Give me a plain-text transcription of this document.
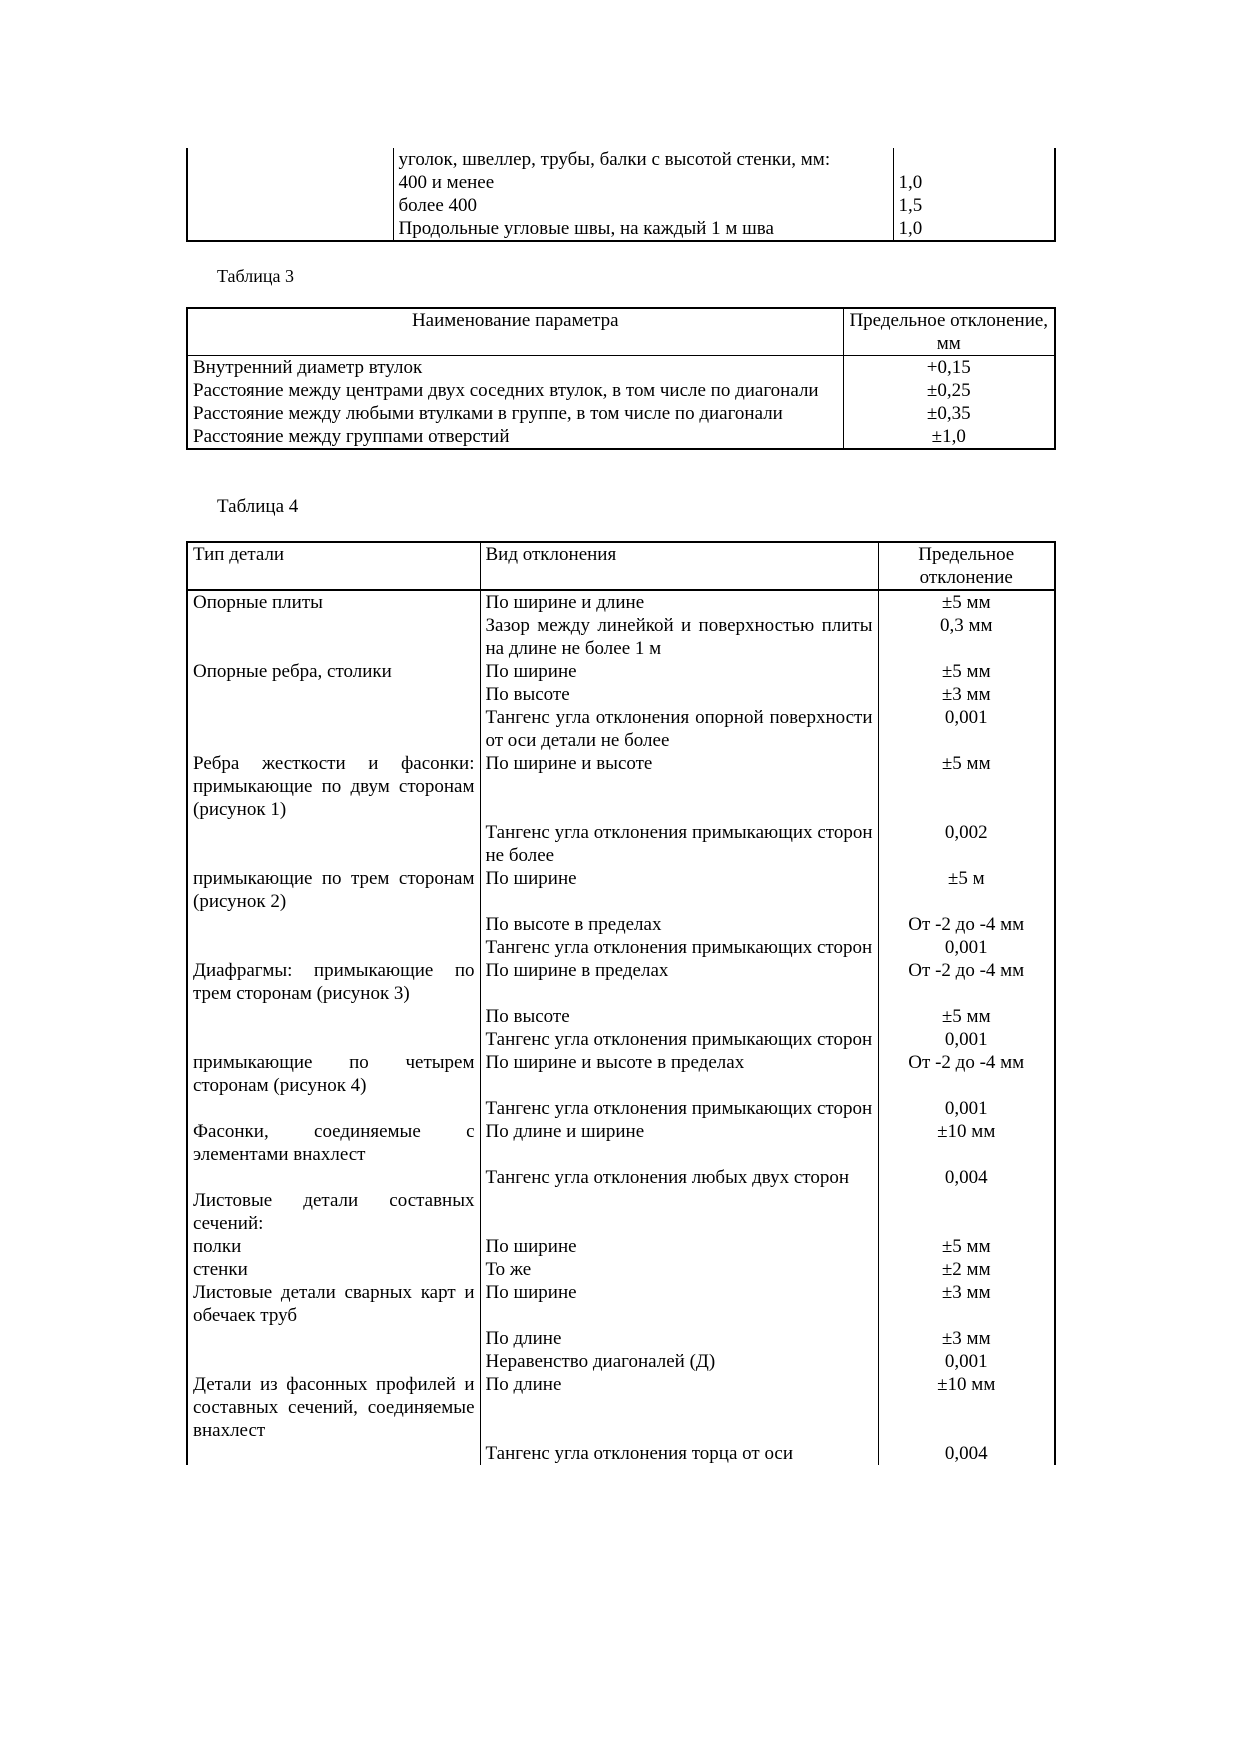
	уголок, швеллер, трубы, балки с высотой стенки, мм:	
	400 и менее	1,0
	более 400	1,5
	Продольные угловые швы, на каждый 1 м шва	1,0
Таблица 3
Наименование параметра	Предельное отклонение, мм
Внутренний диаметр втулок	+0,15
Расстояние между центрами двух соседних втулок, в том числе по диагонали	±0,25
Расстояние между любыми втулками в группе, в том числе по диагонали	±0,35
Расстояние между группами отверстий	±1,0
Таблица 4
Тип детали	Вид отклонения	Предельное отклонение
Опорные плиты	По ширине и длине	±5 мм
	Зазор между линейкой и поверхностью плиты на длине не более 1 м	0,3 мм
Опорные ребра, столики	По ширине	±5 мм
	По высоте	±3 мм
	Тангенс угла отклонения опорной поверхности от оси детали не более	0,001
Ребра жесткости и фасонки: примыкающие по двум сторонам (рисунок 1)	По ширине и высоте	±5 мм
	Тангенс угла отклонения примыкающих сторон не более	0,002
примыкающие по трем сторонам (рисунок 2)	По ширине	±5 м
	По высоте в пределах	От -2 до -4 мм
	Тангенс угла отклонения примыкающих сторон	0,001
Диафрагмы: примыкающие по трем сторонам (рисунок 3)	По ширине в пределах	От -2 до -4 мм
	По высоте	±5 мм
	Тангенс угла отклонения примыкающих сторон	0,001
примыкающие по четырем сторонам (рисунок 4)	По ширине и высоте в пределах	От -2 до -4 мм
	Тангенс угла отклонения примыкающих сторон	0,001
Фасонки, соединяемые с элементами внахлест	По длине и ширине	±10 мм
	Тангенс угла отклонения любых двух сторон	0,004
Листовые детали составных сечений:		
полки	По ширине	±5 мм
стенки	То же	±2 мм
Листовые детали сварных карт и обечаек труб	По ширине	±3 мм
	По длине	±3 мм
	Неравенство диагоналей (Д)	0,001
Детали из фасонных профилей и составных сечений, соединяемые внахлест	По длине	±10 мм
	Тангенс угла отклонения торца от оси	0,004
